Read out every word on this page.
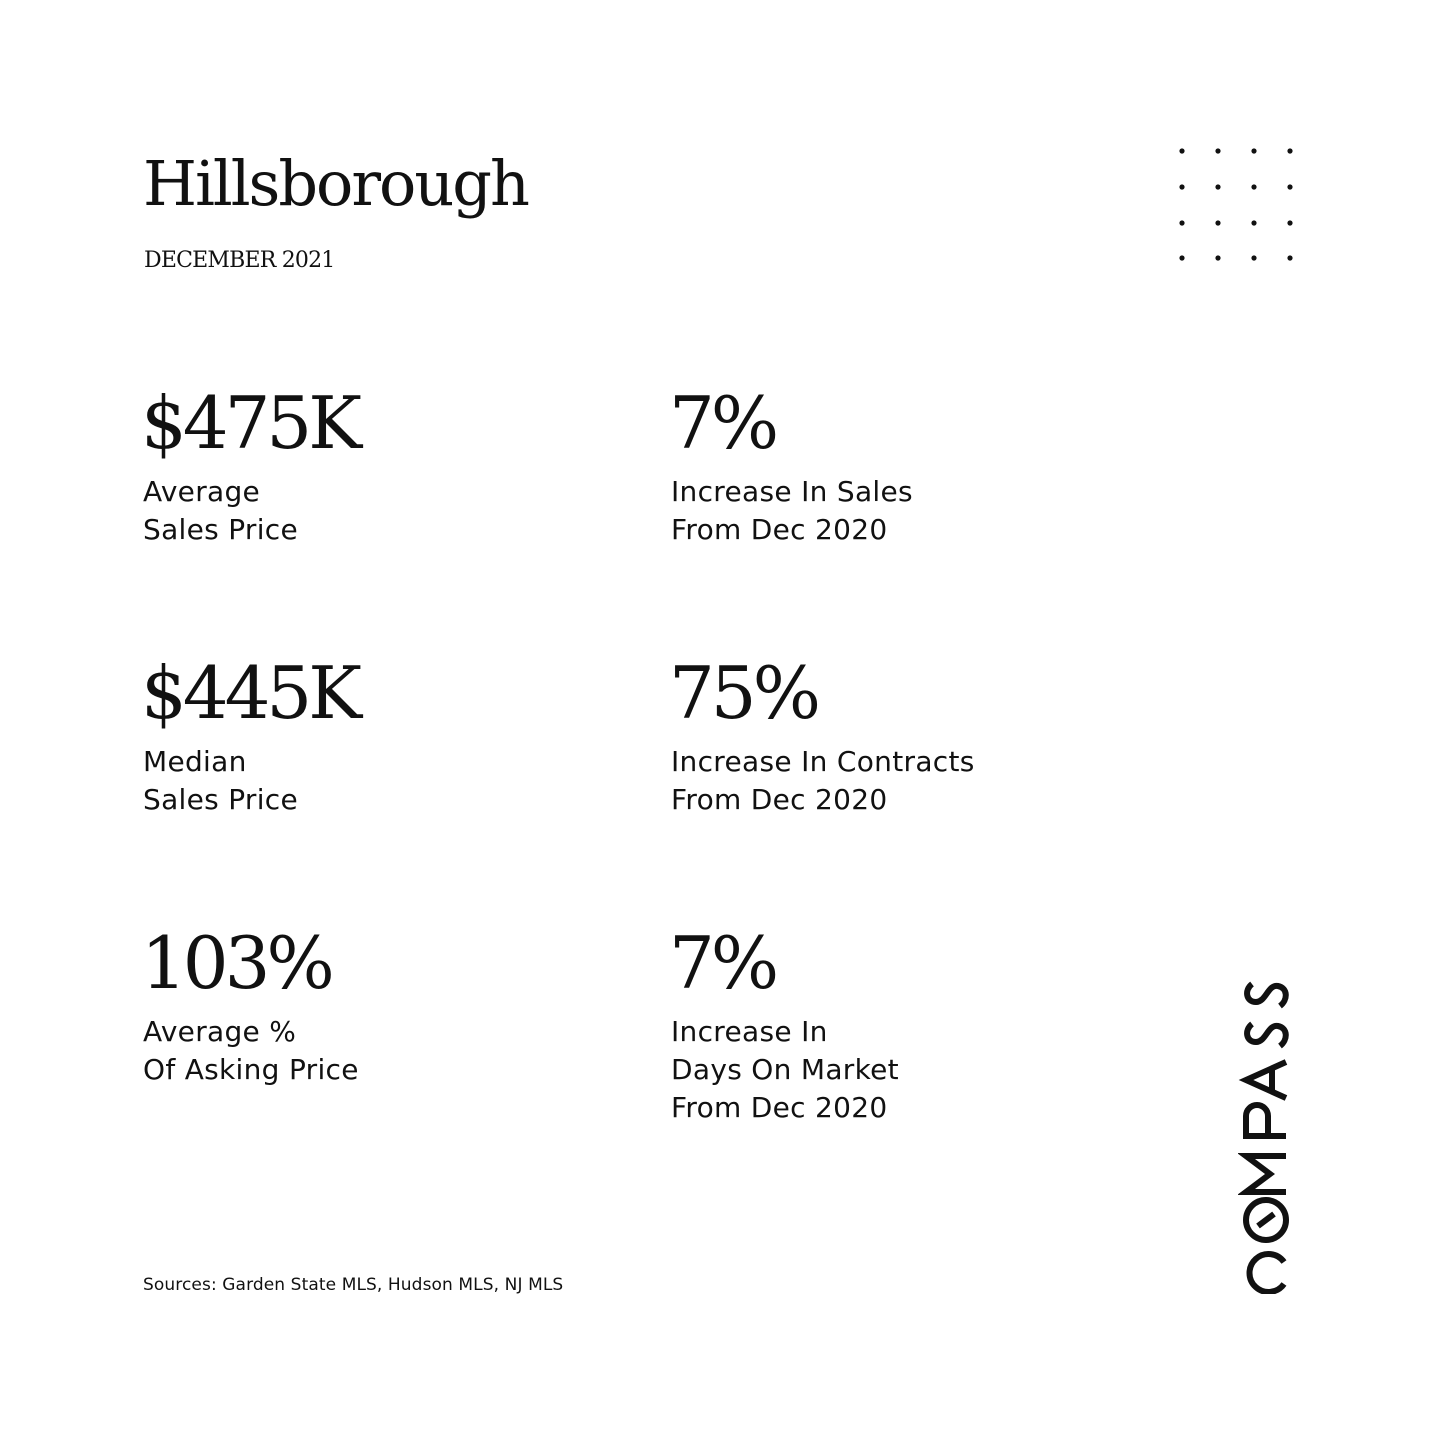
Hillsborough
DECEMBER 2021
$475K
Average
Sales Price
7%
Increase In Sales
From Dec 2020
$445K
Median
Sales Price
75%
Increase In Contracts
From Dec 2020
103%
Average %
Of Asking Price
7%
Increase In
Days On Market
From Dec 2020
Sources: Garden State MLS, Hudson MLS, NJ MLS
